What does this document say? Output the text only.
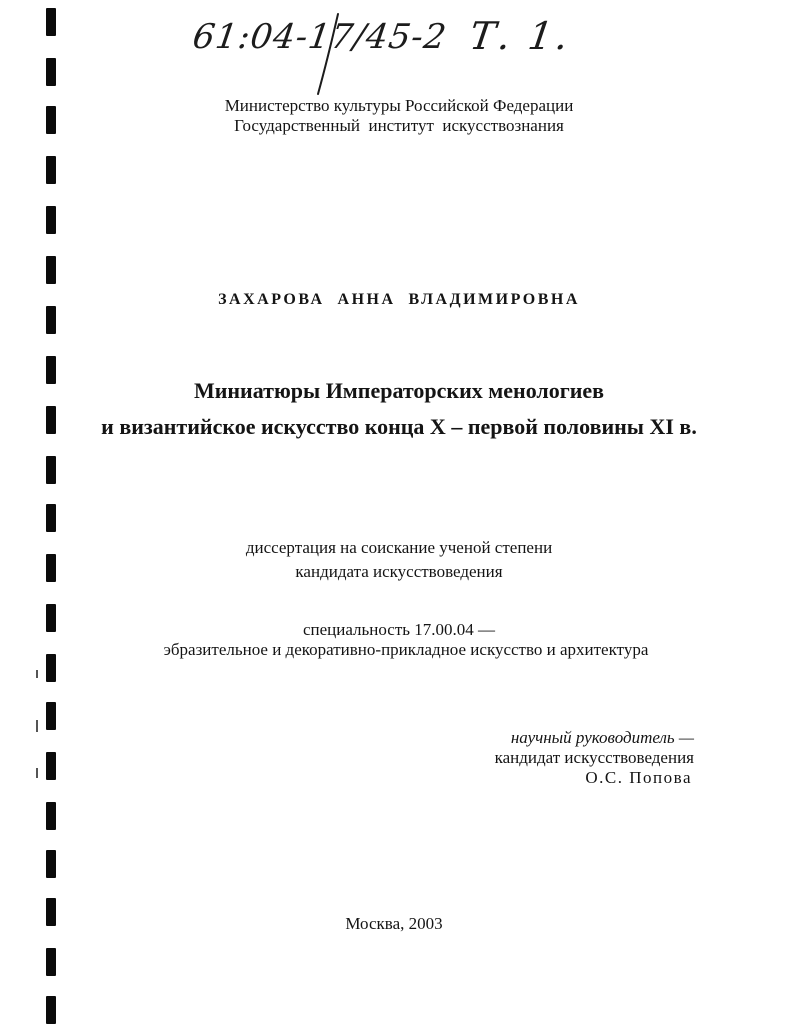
61:04-17/45-2 Т. 1.
Министерство культуры Российской Федерации
Государственный  институт  искусствознания
ЗАХАРОВА  АННА  ВЛАДИМИРОВНА
Миниатюры Императорских менологиев
и византийское искусство конца X – первой половины XI в.
диссертация на соискание ученой степени
кандидата искусствоведения
специальность 17.00.04 —
эбразительное и декоративно-прикладное искусство и архитектура
научный руководитель —
кандидат искусствоведения
О.С. Попова
Москва, 2003
